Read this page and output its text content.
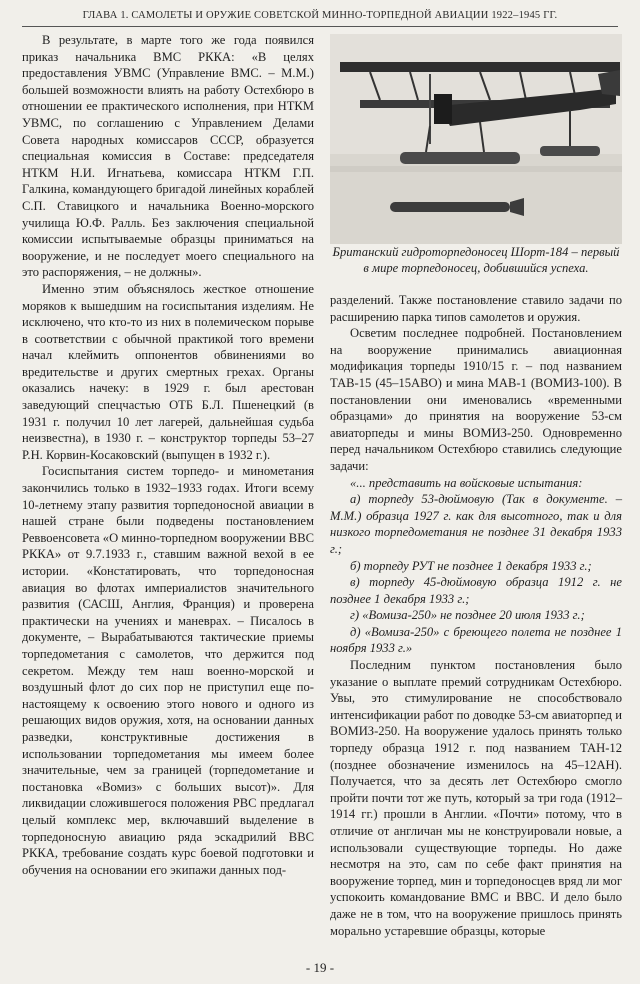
ГЛАВА 1. САМОЛЕТЫ И ОРУЖИЕ СОВЕТСКОЙ МИННО-ТОРПЕДНОЙ АВИАЦИИ 1922–1945 ГГ.

В результате, в марте того же года появился приказ начальника ВМС РККА: «В целях предоставления УВМС (Управление ВМС. – М.М.) большей возможности влиять на работу Остехбюро в отношении ее практического исполнения, при НТКМ УВМС, по соглашению с Управлением Делами Совета народных комиссаров СССР, образуется специальная комиссия в Составе: председателя НТКМ Н.И. Игнатьева, комиссара НТКМ Г.П. Галкина, командующего бригадой линейных кораблей С.П. Ставицкого и начальника Военно-морского училища Ю.Ф. Ралль. Без заключения специальной комиссии испытываемые образцы приниматься на вооружение, и не последует моего специального на это распоряжения, – не должны».

Именно этим объяснялось жесткое отношение моряков к вышедшим на госиспытания изделиям. Не исключено, что кто-то из них в полемическом порыве в соответствии с обычной практикой того времени начал клеймить оппонентов обвинениями во вредительстве и других смертных грехах. Органы оказались начеку: в 1929 г. был арестован заведующий спецчастью ОТБ Б.Л. Пшенецкий (в 1931 г. получил 10 лет лагерей, дальнейшая судьба неизвестна), в 1930 г. – конструктор торпеды 53–27 Р.Н. Корвин-Косаковский (выпущен в 1932 г.).

Госиспытания систем торпедо- и минометания закончились только в 1932–1933 годах. Итоги всему 10-летнему этапу развития торпедоносной авиации в нашей стране были подведены постановлением Реввоенсовета «О минно-торпедном вооружении ВВС РККА» от 9.7.1933 г., ставшим важной вехой в ее истории. «Констатировать, что торпедоносная авиация во флотах империалистов значительного развития (САСШ, Англия, Франция) и проверена практически на учениях и маневрах. – Писалось в документе, – Вырабатываются тактические приемы торпедометания с самолетов, что держится под секретом. Между тем наш военно-морской и воздушный флот до сих пор не приступил еще по-настоящему к освоению этого нового и одного из решающих видов оружия, хотя, на основании данных разведки, конструктивные достижения в использовании торпедометания мы имеем более значительные, чем за границей (торпедометание и постановка «Вомиз» с больших высот)». Для ликвидации сложившегося положения РВС предлагал целый комплекс мер, включавший выделение в торпедоносную авиацию ряда эскадрилий ВВС РККА, требование создать курс боевой подготовки и обучения на основании его экипажи данных под-

Британский гидроторпедоносец Шорт-184 – первый в мире торпедоносец, добившийся успеха.

разделений. Также постановление ставило задачи по расширению парка типов самолетов и оружия.

Осветим последнее подробней. Постановлением на вооружение принимались авиационная модификация торпеды 1910/15 г. – под названием ТАВ-15 (45–15АВО) и мина МАВ-1 (ВОМИЗ-100). В постановлении они именовались «временными образцами» до принятия на вооружение 53-см авиаторпеды и мины ВОМИЗ-250. Одновременно перед начальником Остехбюро ставились следующие задачи:

«... представить на войсковые испытания:

а) торпеду 53-дюймовую (Так в документе. – М.М.) образца 1927 г. как для высотного, так и для низкого торпедометания не позднее 31 декабря 1933 г.;

б) торпеду РУТ не позднее 1 декабря 1933 г.;

в) торпеду 45-дюймовую образца 1912 г. не позднее 1 декабря 1933 г.;

г) «Вомиза-250» не позднее 20 июля 1933 г.;

д) «Вомиза-250» с бреющего полета не позднее 1 ноября 1933 г.»

Последним пунктом постановления было указание о выплате премий сотрудникам Остехбюро. Увы, это стимулирование не способствовало интенсификации работ по доводке 53-см авиаторпед и ВОМИЗ-250. На вооружение удалось принять только торпеду образца 1912 г. под названием ТАН-12 (позднее обозначение изменилось на 45–12АН). Получается, что за десять лет Остехбюро смогло пройти почти тот же путь, который за три года (1912–1914 гг.) прошли в Англии. «Почти» потому, что в отличие от англичан мы не конструировали новые, а использовали существующие торпеды. Но даже несмотря на это, сам по себе факт принятия на вооружение торпед, мин и торпедоносцев вряд ли мог успокоить командование ВМС и ВВС. И дело было даже не в том, что на вооружение пришлось принять морально устаревшие образцы, которые

- 19 -
